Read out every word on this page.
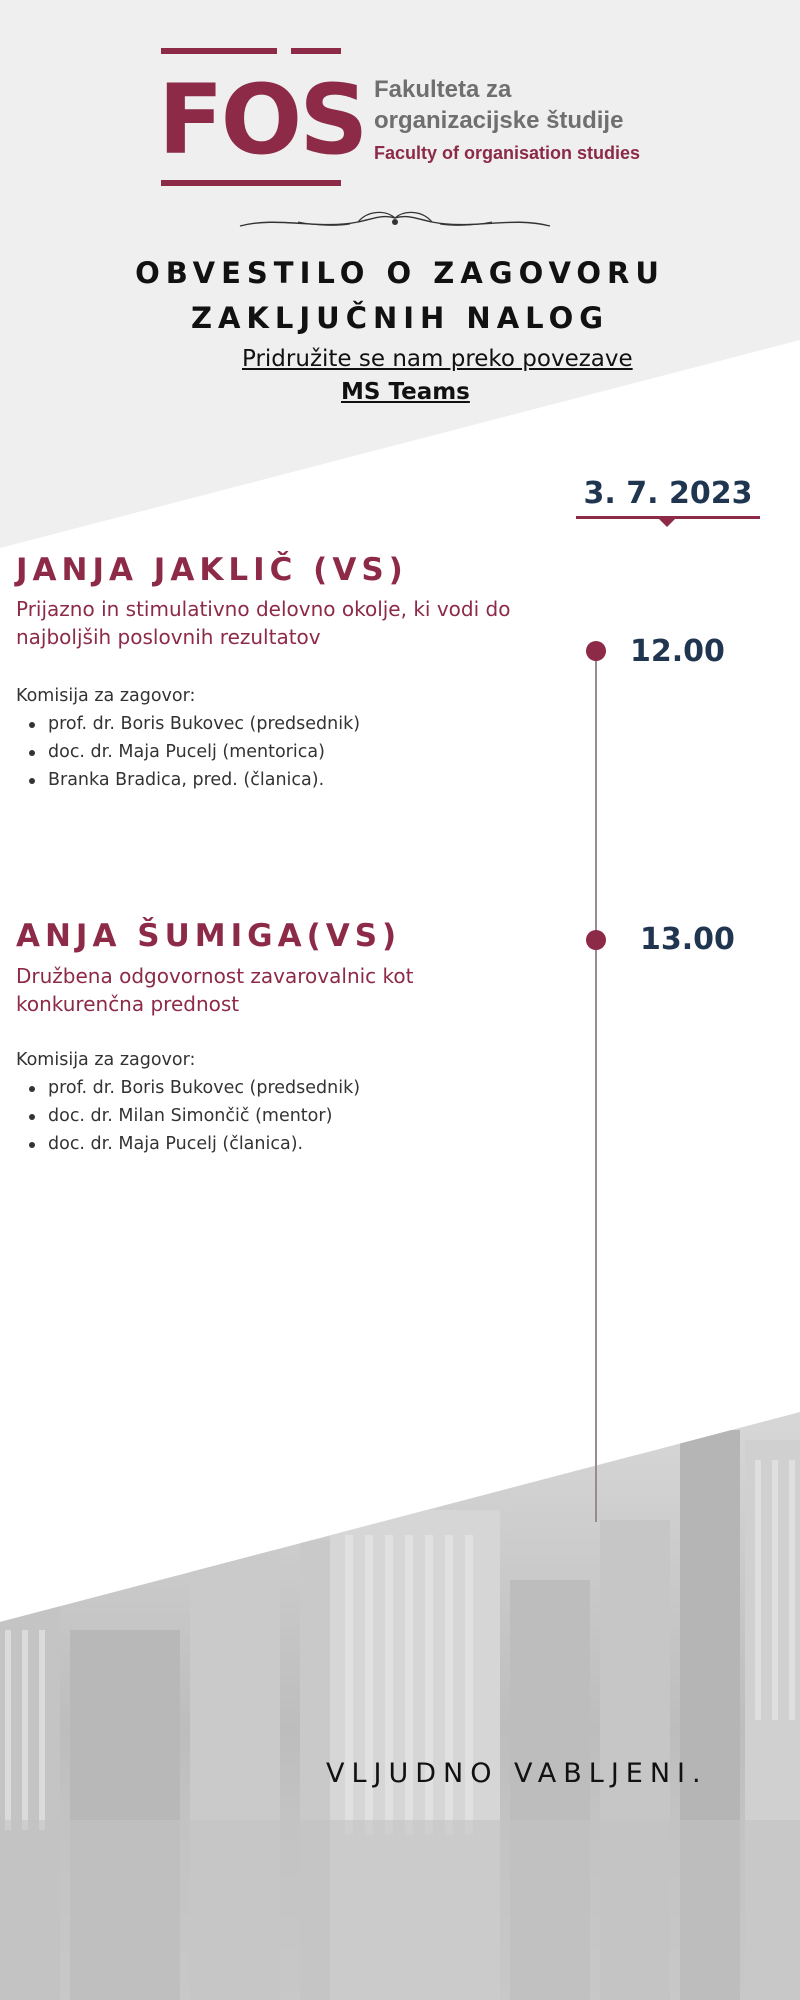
FOS Fakulteta za
organizacijske študije
Faculty of organisation studies
OBVESTILO O ZAGOVORU
ZAKLJUČNIH NALOG
Pridružite se nam preko povezave
MS Teams
3. 7. 2023
12.00
13.00
JANJA JAKLIČ (VS)
Prijazno in stimulativno delovno okolje, ki vodi do najboljših poslovnih rezultatov
Komisija za zagovor:
prof. dr. Boris Bukovec (predsednik)
doc. dr. Maja Pucelj (mentorica)
Branka Bradica, pred. (članica).
ANJA ŠUMIGA(VS)
Družbena odgovornost zavarovalnic kot konkurenčna prednost
Komisija za zagovor:
prof. dr. Boris Bukovec (predsednik)
doc. dr. Milan Simončič (mentor)
doc. dr. Maja Pucelj (članica).
VLJUDNO VABLJENI.
